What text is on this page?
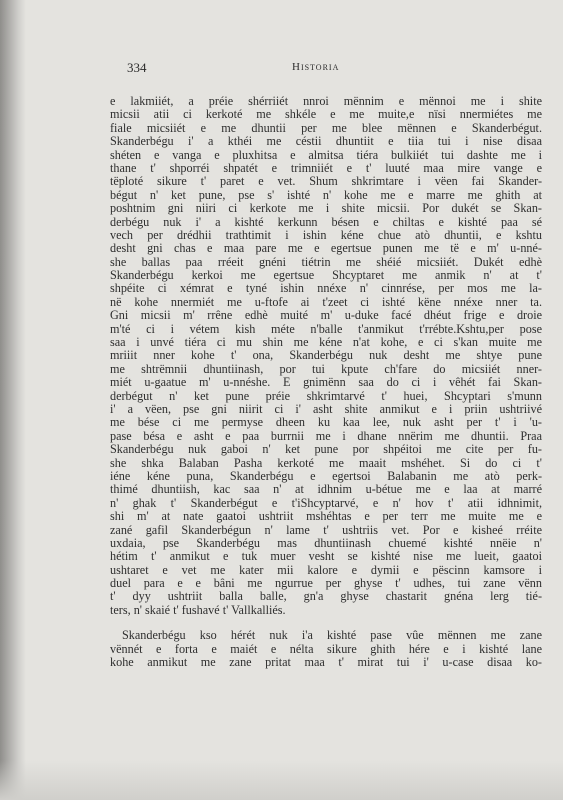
334	Historia
e lakmiiét, a préie shérriiét nnroi mënnim e mënnoi me i shite
micsii atii ci kerkoté me shkéle e me muite,e nïsi nnermiétes me
fiale micsiiét e me dhuntii per me blee mënnen e Skanderbégut.
Skanderbégu i' a kthéi me céstii dhuntiit e tiia tui i nise disaa
shéten e vanga e pluxhitsa e almitsa tiéra bulkiiét tui dashte me i
thane t' shporréi shpatét e trimniiét e t' luuté maa mire vange e
tëploté sikure t' paret e vet. Shum shkrimtare i vëen fai Skander-
bégut n' ket pune, pse s' ishté n' kohe me e marre me ghith at
poshtnim gni niiri ci kerkote me i shite micsii. Por dukét se Skan-
derbégu nuk i' a kishté kerkunn bésen e chiltas e kishté paa sé
vech per drédhii trathtimit i ishin kéne chue atò dhuntii, e kshtu
desht gni chas e maa pare me e egertsue punen me të e m' u-nné-
she ballas paa rréeit gnéni tiétrin me shéié micsiiét. Dukét edhè
Skanderbégu kerkoi me egertsue Shcyptaret me anmik n' at t'
shpéite ci xémrat e tyné ishin nnéxe n' cinnrése, per mos me la-
në kohe nnermiét me u-ftofe ai t'zeet ci ishté këne nnéxe nner ta.
Gni micsii m' rrêne edhè muité m' u-duke facé dhéut frige e droie
m'té ci i vétem kish méte n'balle t'anmikut t'rrébte.Kshtu,per pose
saa i unvé tiéra ci mu shin me kéne n'at kohe, e ci s'kan muite me
mriiit nner kohe t' ona, Skanderbégu nuk desht me shtye pune
me shtrëmnii dhuntiinash, por tui kpute ch'fare do micsiiét nner-
miét u-gaatue m' u-nnéshe. E gnimënn saa do ci i vêhét fai Skan-
derbégut n' ket pune préie shkrimtarvé t' huei, Shcyptari s'munn
i' a vëen, pse gni niirit ci i' asht shite anmikut e i priin ushtriivé
me bése ci me permyse dheen ku kaa lee, nuk asht per t' i 'u-
pase bésa e asht e paa burrnii me i dhane nnërim me dhuntii. Praa
Skanderbégu nuk gaboi n' ket pune por shpéitoi me cite per fu-
she shka Balaban Pasha kerkoté me maait mshéhet. Si do ci t'
iéne kéne puna, Skanderbégu e egertsoi Balabanin me atò perk-
thimé dhuntiish, kac saa n' at idhnim u-bétue me e laa at marré
n' ghak t' Skanderbégut e t'iShcyptarvé, e n' hov t' atii idhnimit,
shi m' at nate gaatoi ushtriit mshéhtas e per terr me muite me e
zané gafil Skanderbégun n' lame t' ushtriis vet. Por e kisheé rréite
uxdaia, pse Skanderbégu mas dhuntiinash chuemé kishté nnëie n'
hétim t' anmikut e tuk muer vesht se kishté nise me lueit, gaatoi
ushtaret e vet me kater mii kalore e dymii e pëscinn kamsore i
duel para e e bâni me ngurrue per ghyse t' udhes, tui zane vënn
t' dyy ushtriit balla balle, gn'a ghyse chastarit gnéna lerg tié-
ters, n' skaié t' fushavé t' Vallkalliés.
Skanderbégu kso hérét nuk i'a kishté pase vûe mënnen me zane
vënnét e forta e maiét e nélta sikure ghith hére e i kishté lane
kohe anmikut me zane pritat maa t' mirat tui i' u-case disaa ko-
